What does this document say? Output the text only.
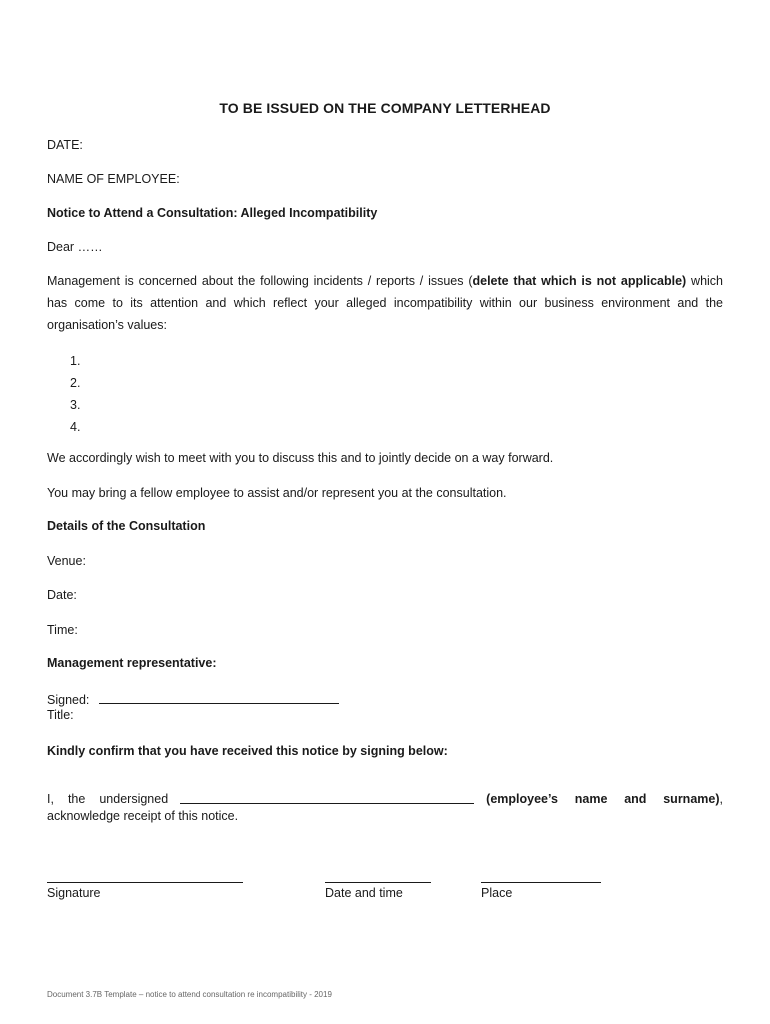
TO BE ISSUED ON THE COMPANY LETTERHEAD
DATE:
NAME OF EMPLOYEE:
Notice to Attend a Consultation: Alleged Incompatibility
Dear ……
Management is concerned about the following incidents / reports / issues (delete that which is not applicable) which has come to its attention and which reflect your alleged incompatibility within our business environment and the organisation’s values:
1.
2.
3.
4.
We accordingly wish to meet with you to discuss this and to jointly decide on a way forward.
You may bring a fellow employee to assist and/or represent you at the consultation.
Details of the Consultation
Venue:
Date:
Time:
Management representative:
Signed:
Title:
Kindly confirm that you have received this notice by signing below:
I, the undersigned	(employee’s name and surname),
acknowledge receipt of this notice.
Signature	Date and time	Place
Document 3.7B Template – notice to attend consultation re incompatibility - 2019
